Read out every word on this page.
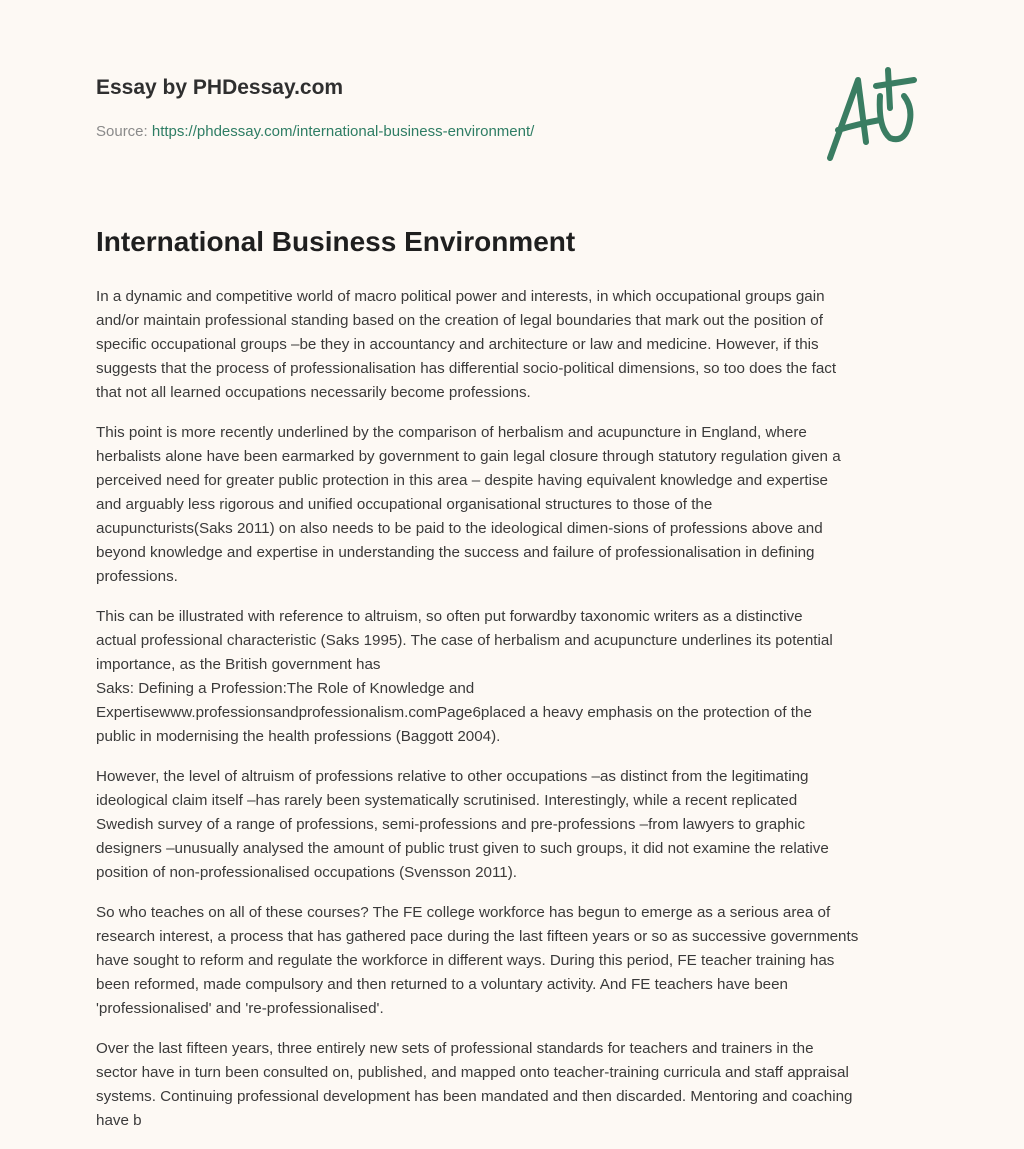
Essay by PHDessay.com
Source: https://phdessay.com/international-business-environment/
International Business Environment

In a dynamic and competitive world of macro political power and interests, in which occupational groups gain
and/or maintain professional standing based on the creation of legal boundaries that mark out the position of
specific occupational groups –be they in accountancy and architecture or law and medicine. However, if this
suggests that the process of professionalisation has differential socio-political dimensions, so too does the fact
that not all learned occupations necessarily become professions.

This point is more recently underlined by the comparison of herbalism and acupuncture in England, where
herbalists alone have been earmarked by government to gain legal closure through statutory regulation given a
perceived need for greater public protection in this area – despite having equivalent knowledge and expertise
and arguably less rigorous and unified occupational organisational structures to those of the
acupuncturists(Saks 2011) on also needs to be paid to the ideological dimen-sions of professions above and
beyond knowledge and expertise in understanding the success and failure of professionalisation in defining
professions.

This can be illustrated with reference to altruism, so often put forwardby taxonomic writers as a distinctive
actual professional characteristic (Saks 1995). The case of herbalism and acupuncture underlines its potential
importance, as the British government has
Saks: Defining a Profession:The Role of Knowledge and
Expertisewww.professionsandprofessionalism.comPage6placed a heavy emphasis on the protection of the
public in modernising the health professions (Baggott 2004).

However, the level of altruism of professions relative to other occupations –as distinct from the legitimating
ideological claim itself –has rarely been systematically scrutinised. Interestingly, while a recent replicated
Swedish survey of a range of professions, semi-professions and pre-professions –from lawyers to graphic
designers –unusually analysed the amount of public trust given to such groups, it did not examine the relative
position of non-professionalised occupations (Svensson 2011).

So who teaches on all of these courses? The FE college workforce has begun to emerge as a serious area of
research interest, a process that has gathered pace during the last fifteen years or so as successive governments
have sought to reform and regulate the workforce in different ways. During this period, FE teacher training has
been reformed, made compulsory and then returned to a voluntary activity. And FE teachers have been
'professionalised' and 're-professionalised'.

Over the last fifteen years, three entirely new sets of professional standards for teachers and trainers in the
sector have in turn been consulted on, published, and mapped onto teacher-training curricula and staff appraisal
systems. Continuing professional development has been mandated and then discarded. Mentoring and coaching
have b
